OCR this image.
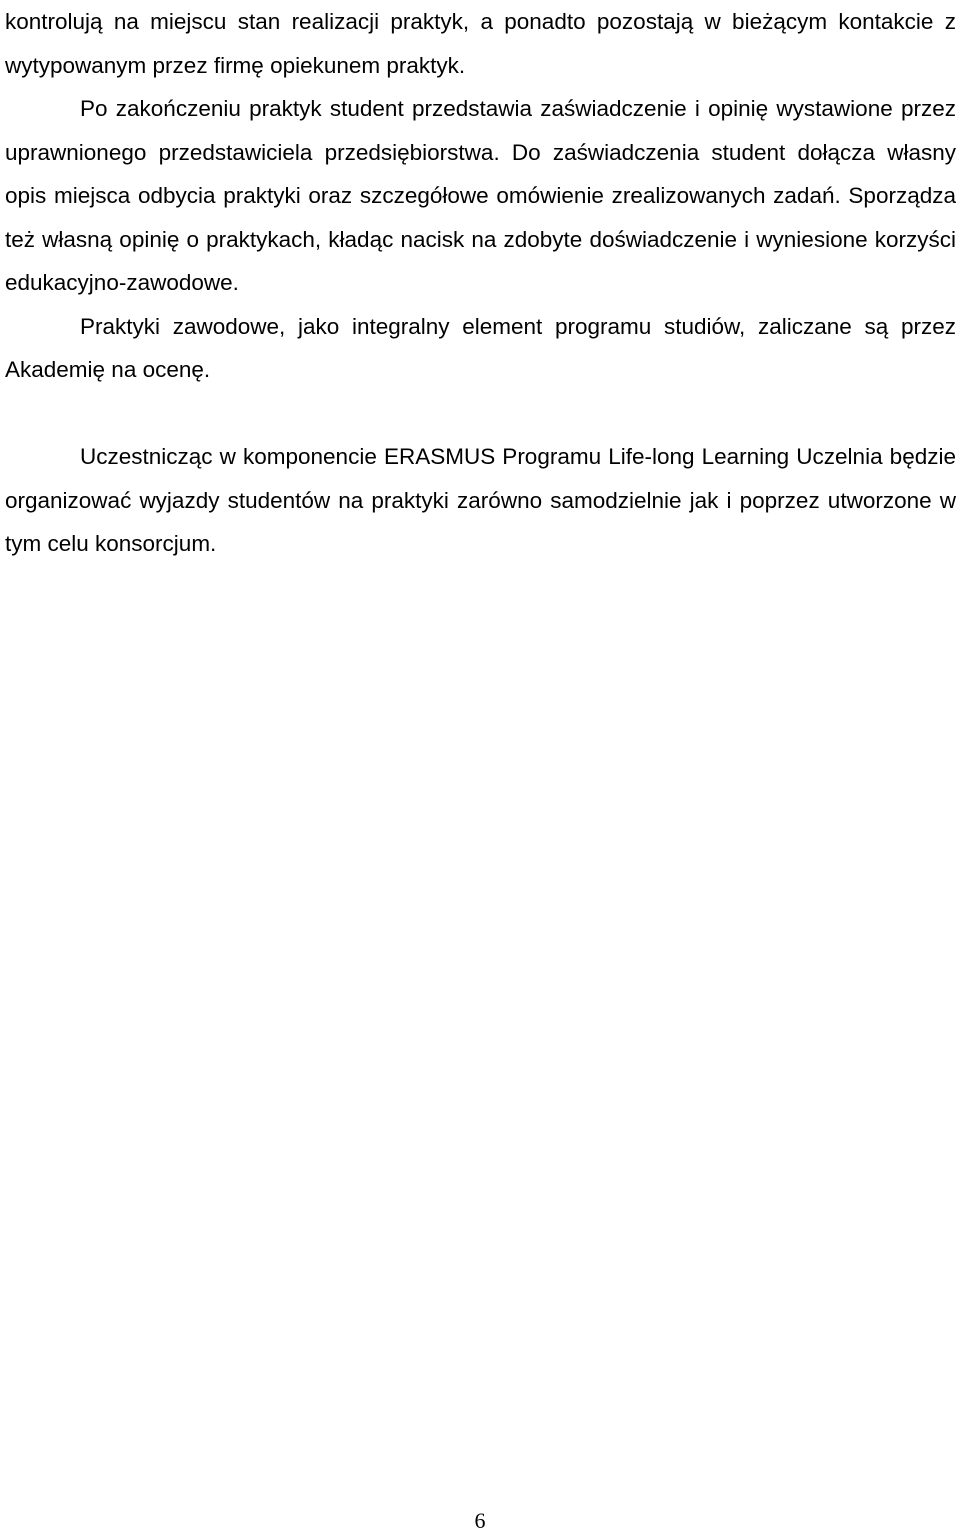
kontrolują na miejscu stan realizacji praktyk, a ponadto pozostają w bieżącym kontakcie z wytypowanym przez firmę opiekunem praktyk.

Po zakończeniu praktyk student przedstawia zaświadczenie i opinię wystawione przez uprawnionego przedstawiciela przedsiębiorstwa. Do zaświadczenia student dołącza własny opis miejsca odbycia praktyki oraz szczegółowe omówienie zrealizowanych zadań. Sporządza też własną opinię o praktykach, kładąc nacisk na zdobyte doświadczenie i wyniesione korzyści edukacyjno-zawodowe.

Praktyki zawodowe, jako integralny element programu studiów, zaliczane są przez Akademię na ocenę.

Uczestnicząc w komponencie ERASMUS Programu Life-long Learning Uczelnia będzie organizować wyjazdy studentów na praktyki zarówno samodzielnie jak i poprzez utworzone w tym celu konsorcjum.

6
